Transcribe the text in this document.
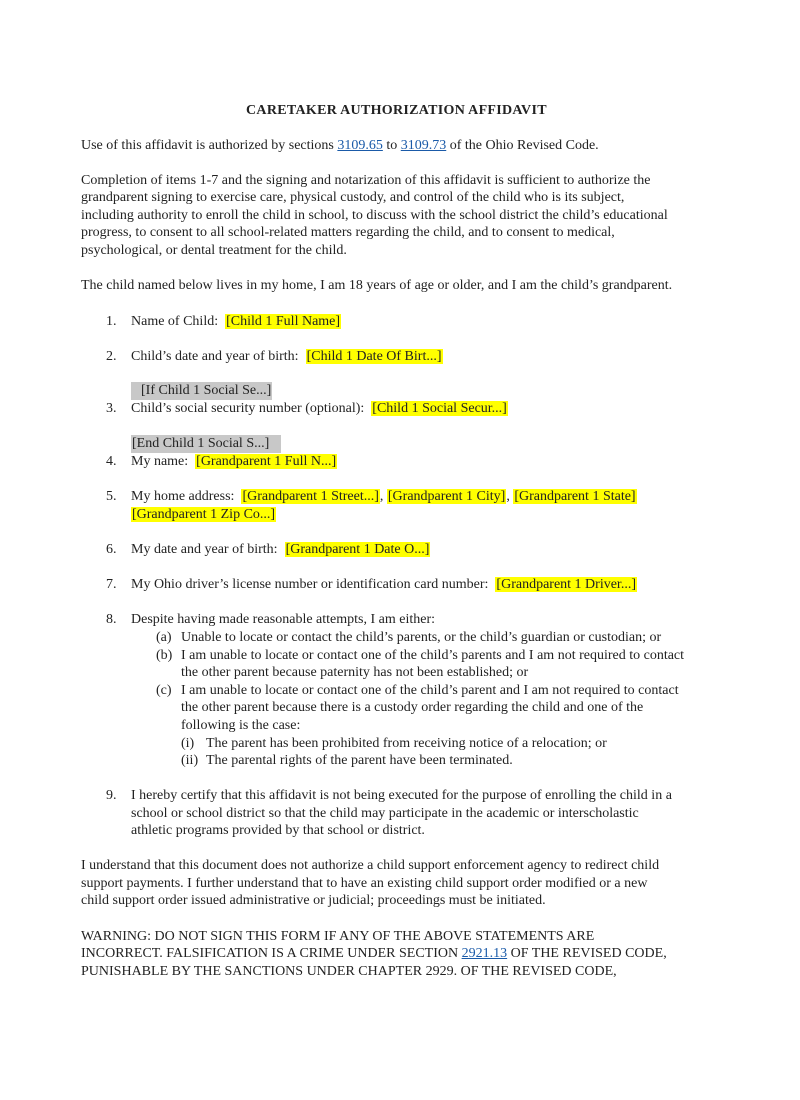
CARETAKER AUTHORIZATION AFFIDAVIT
Use of this affidavit is authorized by sections 3109.65 to 3109.73 of the Ohio Revised Code.
Completion of items 1-7 and the signing and notarization of this affidavit is sufficient to authorize the
grandparent signing to exercise care, physical custody, and control of the child who is its subject,
including authority to enroll the child in school, to discuss with the school district the child’s educational
progress, to consent to all school-related matters regarding the child, and to consent to medical,
psychological, or dental treatment for the child.
The child named below lives in my home, I am 18 years of age or older, and I am the child’s grandparent.
1. Name of Child: [Child 1 Full Name]
2. Child’s date and year of birth: [Child 1 Date Of Birt...]
[If Child 1 Social Se...]
3. Child’s social security number (optional): [Child 1 Social Secur...]
[End Child 1 Social S...]
4. My name: [Grandparent 1 Full N...]
5. My home address: [Grandparent 1 Street...], [Grandparent 1 City], [Grandparent 1 State]
[Grandparent 1 Zip Co...]
6. My date and year of birth: [Grandparent 1 Date O...]
7. My Ohio driver’s license number or identification card number: [Grandparent 1 Driver...]
8. Despite having made reasonable attempts, I am either:
(a) Unable to locate or contact the child’s parents, or the child’s guardian or custodian; or
(b) I am unable to locate or contact one of the child’s parents and I am not required to contact
the other parent because paternity has not been established; or
(c) I am unable to locate or contact one of the child’s parent and I am not required to contact
the other parent because there is a custody order regarding the child and one of the
following is the case:
(i) The parent has been prohibited from receiving notice of a relocation; or
(ii) The parental rights of the parent have been terminated.
9. I hereby certify that this affidavit is not being executed for the purpose of enrolling the child in a
school or school district so that the child may participate in the academic or interscholastic
athletic programs provided by that school or district.
I understand that this document does not authorize a child support enforcement agency to redirect child
support payments. I further understand that to have an existing child support order modified or a new
child support order issued administrative or judicial; proceedings must be initiated.
WARNING: DO NOT SIGN THIS FORM IF ANY OF THE ABOVE STATEMENTS ARE
INCORRECT. FALSIFICATION IS A CRIME UNDER SECTION 2921.13 OF THE REVISED CODE,
PUNISHABLE BY THE SANCTIONS UNDER CHAPTER 2929. OF THE REVISED CODE,
